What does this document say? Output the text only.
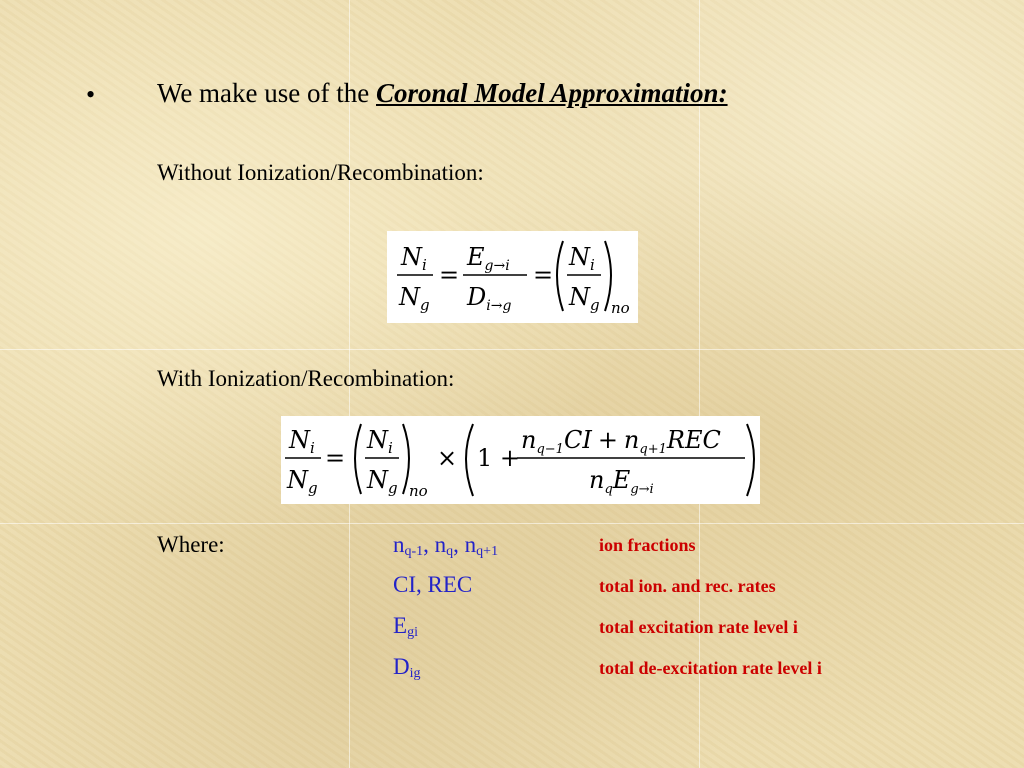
• We make use of the Coronal Model Approximation:
Without Ionization/Recombination:
$N_i$
$N_g$
=
$E_{g\to i}$
$D_{i\to g}$
=
$N_i$
$N_g$ no
With Ionization/Recombination:
$N_i$
$N_g$
=
$N_i$
$N_g$ no
× 1 +
$n_{q-1}CI + n_{q+1}REC$
$n_qE_{g\to i}$
Where:	$n_{q-1}$, $n_q$, $n_{q+1}$	ion fractions
CI, REC	total ion. and rec. rates
$E_{gi}$	total excitation rate level i
$D_{ig}$	total de-excitation rate level i
